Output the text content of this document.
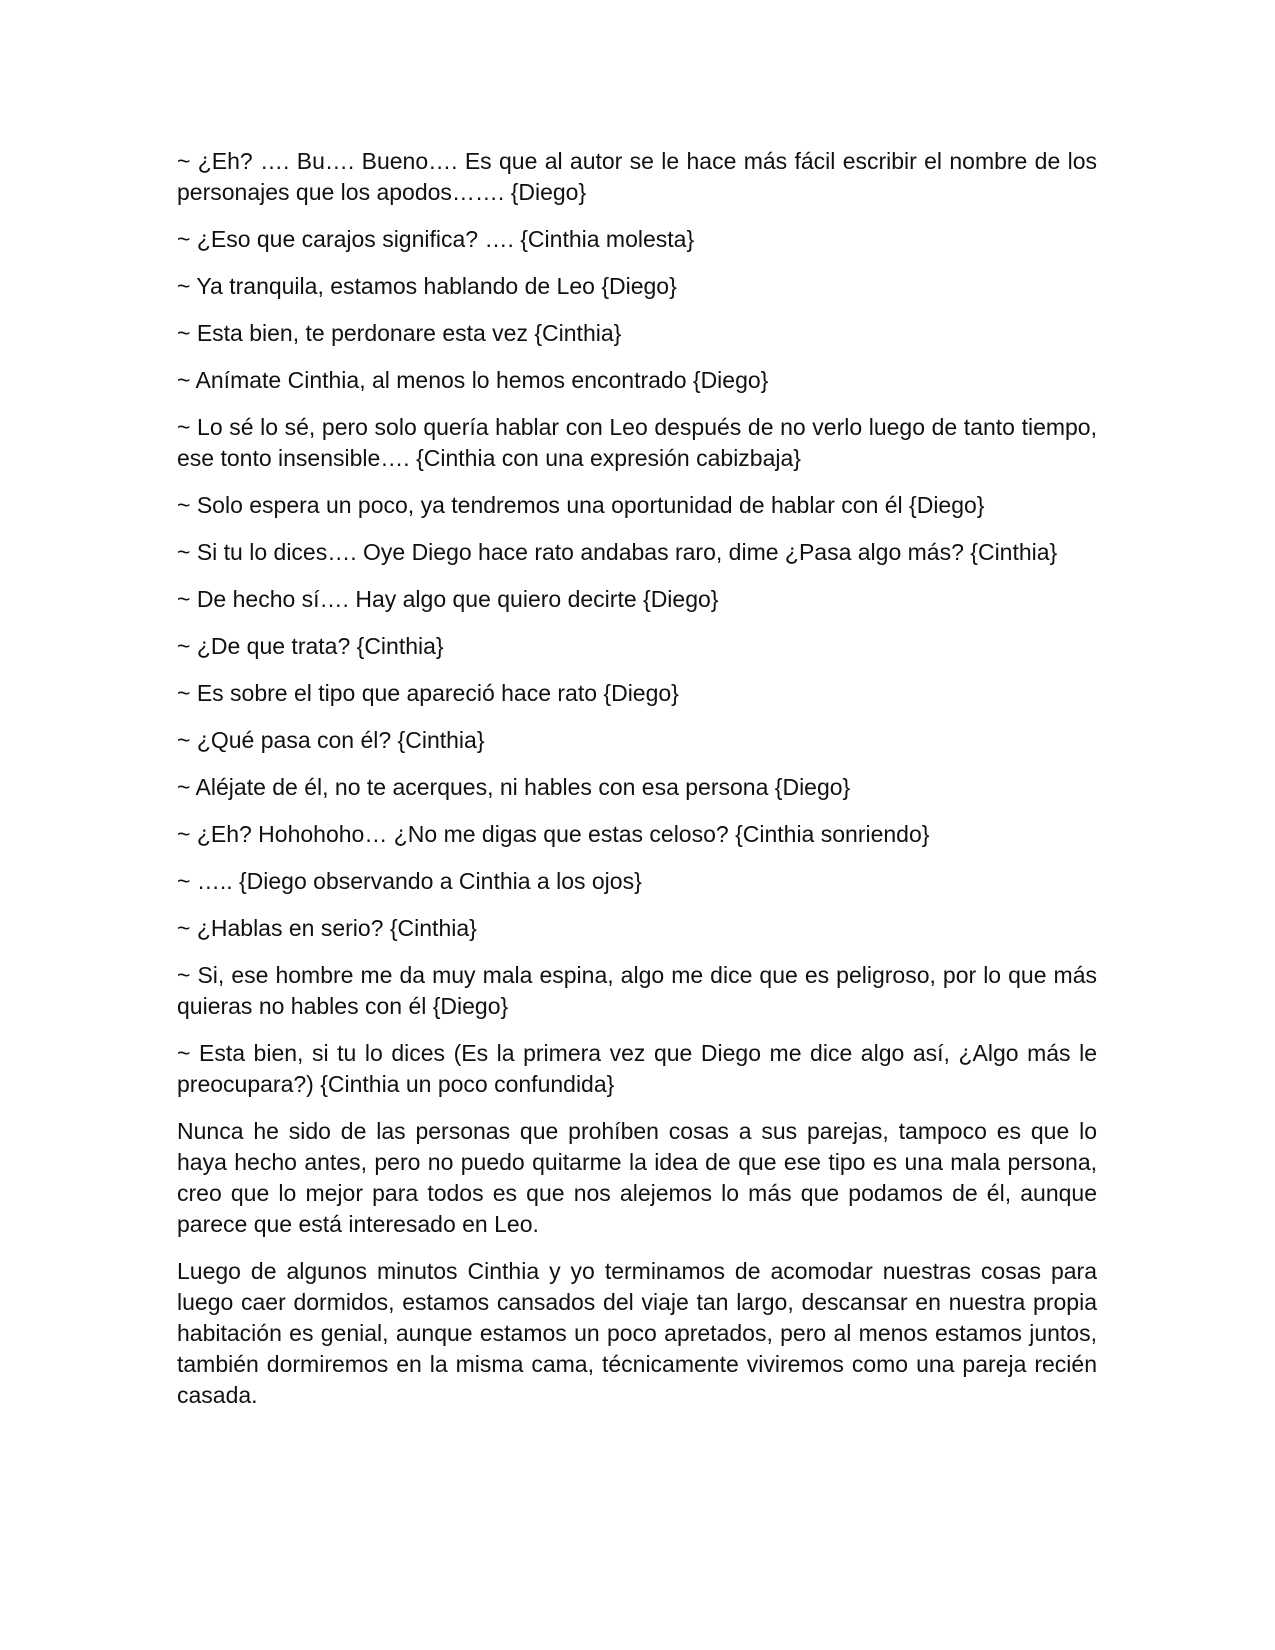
~ ¿Eh? …. Bu…. Bueno…. Es que al autor se le hace más fácil escribir el nombre de los personajes que los apodos……. {Diego}

~ ¿Eso que carajos significa? …. {Cinthia molesta}

~ Ya tranquila, estamos hablando de Leo {Diego}

~ Esta bien, te perdonare esta vez {Cinthia}

~ Anímate Cinthia, al menos lo hemos encontrado {Diego}

~ Lo sé lo sé, pero solo quería hablar con Leo después de no verlo luego de tanto tiempo, ese tonto insensible…. {Cinthia con una expresión cabizbaja}

~ Solo espera un poco, ya tendremos una oportunidad de hablar con él {Diego}

~ Si tu lo dices…. Oye Diego hace rato andabas raro, dime ¿Pasa algo más? {Cinthia}

~ De hecho sí…. Hay algo que quiero decirte {Diego}

~ ¿De que trata? {Cinthia}

~ Es sobre el tipo que apareció hace rato {Diego}

~ ¿Qué pasa con él? {Cinthia}

~ Aléjate de él, no te acerques, ni hables con esa persona {Diego}

~ ¿Eh? Hohohoho… ¿No me digas que estas celoso? {Cinthia sonriendo}

~ ….. {Diego observando a Cinthia a los ojos}

~ ¿Hablas en serio? {Cinthia}

~ Si, ese hombre me da muy mala espina, algo me dice que es peligroso, por lo que más quieras no hables con él {Diego}

~ Esta bien, si tu lo dices (Es la primera vez que Diego me dice algo así, ¿Algo más le preocupara?) {Cinthia un poco confundida}

Nunca he sido de las personas que prohíben cosas a sus parejas, tampoco es que lo haya hecho antes, pero no puedo quitarme la idea de que ese tipo es una mala persona, creo que lo mejor para todos es que nos alejemos lo más que podamos de él, aunque parece que está interesado en Leo.

Luego de algunos minutos Cinthia y yo terminamos de acomodar nuestras cosas para luego caer dormidos, estamos cansados del viaje tan largo, descansar en nuestra propia habitación es genial, aunque estamos un poco apretados, pero al menos estamos juntos, también dormiremos en la misma cama, técnicamente viviremos como una pareja recién casada.
